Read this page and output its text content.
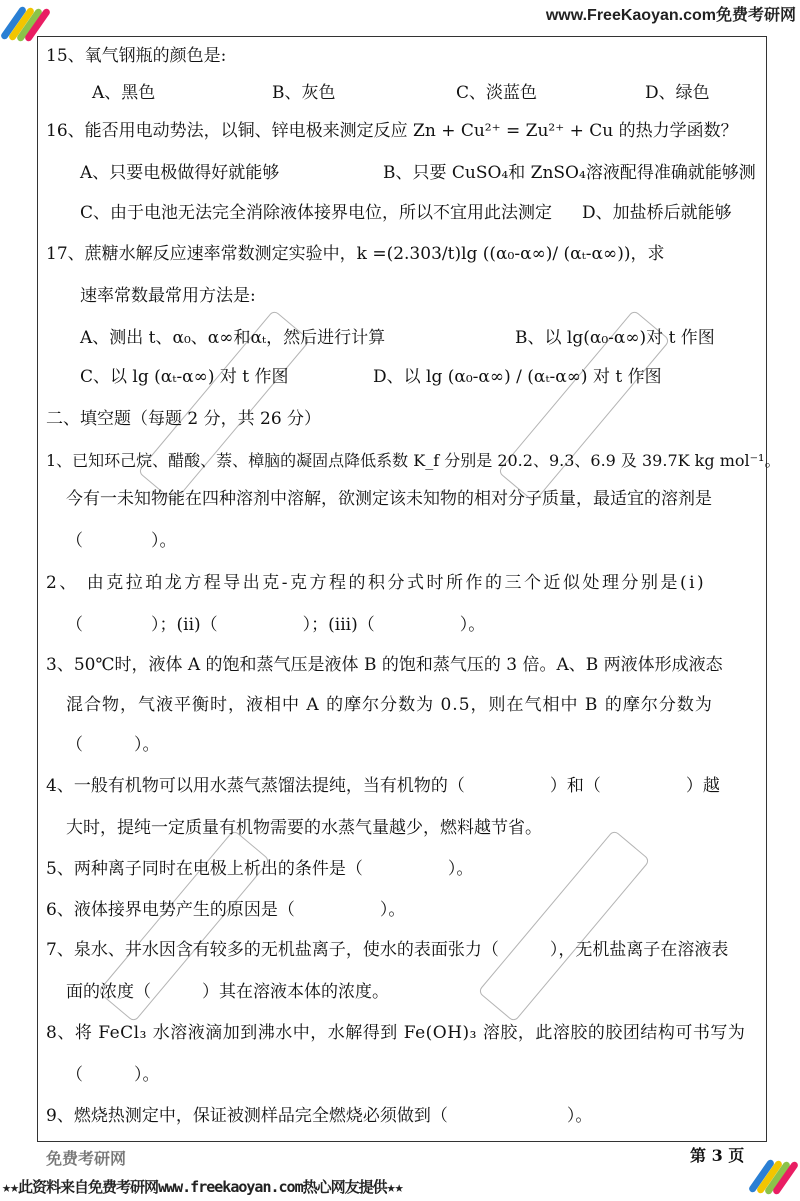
www.FreeKaoyan.com免费考研网
免费考研网
15、氧气钢瓶的颜色是:
A、黑色	B、灰色	C、淡蓝色	D、绿色
16、能否用电动势法，以铜、锌电极来测定反应 Zn + Cu²⁺ = Zu²⁺ + Cu 的热力学函数？
A、只要电极做得好就能够	B、只要 CuSO₄和 ZnSO₄溶液配得准确就能够测
C、由于电池无法完全消除液体接界电位，所以不宜用此法测定 D、加盐桥后就能够
17、蔗糖水解反应速率常数测定实验中，k =(2.303/t)lg ((α₀-α∞)/ (αₜ-α∞))，求
速率常数最常用方法是:
A、测出 t、α₀、α∞和αₜ，然后进行计算	B、以 lg(α₀-α∞)对 t 作图
C、以 lg (αₜ-α∞) 对 t 作图	D、以 lg (α₀-α∞) / (αₜ-α∞) 对 t 作图
二、填空题（每题 2 分，共 26 分）
1、已知环己烷、醋酸、萘、樟脑的凝固点降低系数 K_f 分别是 20.2、9.3、6.9 及 39.7K kg mol⁻¹。
今有一未知物能在四种溶剂中溶解，欲测定该未知物的相对分子质量，最适宜的溶剂是
（　　　　）。
2、 由克拉珀龙方程导出克-克方程的积分式时所作的三个近似处理分别是(i)
（　　　　）；(ii)（　　　　　）；(iii)（　　　　　）。
3、50℃时，液体 A 的饱和蒸气压是液体 B 的饱和蒸气压的 3 倍。A、B 两液体形成液态
混合物，气液平衡时，液相中 A 的摩尔分数为 0.5，则在气相中 B 的摩尔分数为
（　　　）。
4、一般有机物可以用水蒸气蒸馏法提纯，当有机物的（　　　　　）和（　　　　　）越
大时，提纯一定质量有机物需要的水蒸气量越少，燃料越节省。
5、两种离子同时在电极上析出的条件是（　　　　　）。
6、液体接界电势产生的原因是（　　　　　）。
7、泉水、井水因含有较多的无机盐离子，使水的表面张力（　　　），无机盐离子在溶液表
面的浓度（　　　）其在溶液本体的浓度。
8、将 FeCl₃ 水溶液滴加到沸水中，水解得到 Fe(OH)₃ 溶胶，此溶胶的胶团结构可书写为
（　　　）。
9、燃烧热测定中，保证被测样品完全燃烧必须做到（　　　　　　　）。
第 3 页
★★此资料来自免费考研网www.freekaoyan.com热心网友提供★★
